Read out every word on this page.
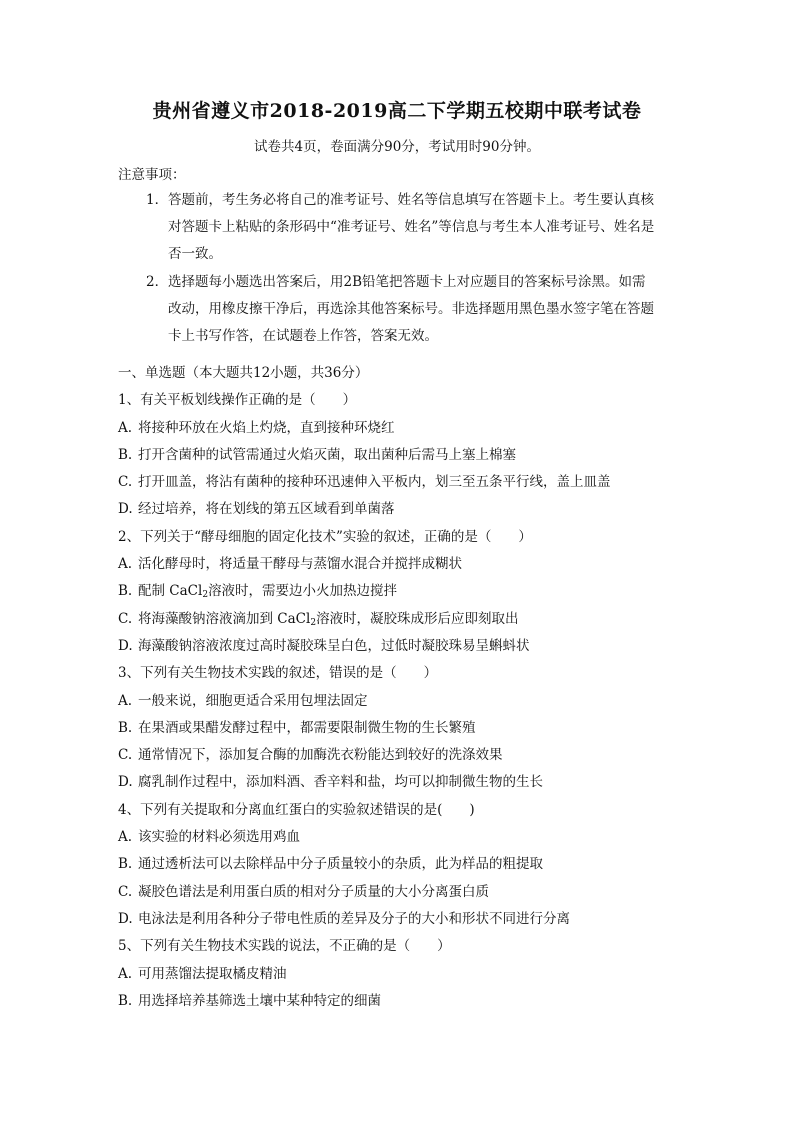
贵州省遵义市2018-2019高二下学期五校期中联考试卷
试卷共4页，卷面满分90分，考试用时90分钟。
注意事项：
1．答题前，考生务必将自己的准考证号、姓名等信息填写在答题卡上。考生要认真核
对答题卡上粘贴的条形码中“准考证号、姓名”等信息与考生本人准考证号、姓名是
否一致。
2．选择题每小题选出答案后，用2B铅笔把答题卡上对应题目的答案标号涂黑。如需
改动，用橡皮擦干净后，再选涂其他答案标号。非选择题用黑色墨水签字笔在答题
卡上书写作答，在试题卷上作答，答案无效。
一、单选题（本大题共12小题，共36分）
1、有关平板划线操作正确的是（　　）
A. 将接种环放在火焰上灼烧，直到接种环烧红
B. 打开含菌种的试管需通过火焰灭菌，取出菌种后需马上塞上棉塞
C. 打开皿盖，将沾有菌种的接种环迅速伸入平板内，划三至五条平行线，盖上皿盖
D. 经过培养，将在划线的第五区域看到单菌落
2、下列关于“酵母细胞的固定化技术”实验的叙述，正确的是（　　）
A. 活化酵母时，将适量干酵母与蒸馏水混合并搅拌成糊状
B. 配制 CaCl$_2$溶液时，需要边小火加热边搅拌
C. 将海藻酸钠溶液滴加到 CaCl$_2$溶液时，凝胶珠成形后应即刻取出
D. 海藻酸钠溶液浓度过高时凝胶珠呈白色，过低时凝胶珠易呈蝌蚪状
3、下列有关生物技术实践的叙述，错误的是（　　）
A. 一般来说，细胞更适合采用包埋法固定
B. 在果酒或果醋发酵过程中，都需要限制微生物的生长繁殖
C. 通常情况下，添加复合酶的加酶洗衣粉能达到较好的洗涤效果
D. 腐乳制作过程中，添加料酒、香辛料和盐，均可以抑制微生物的生长
4、下列有关提取和分离血红蛋白的实验叙述错误的是(　　)
A. 该实验的材料必须选用鸡血
B. 通过透析法可以去除样品中分子质量较小的杂质，此为样品的粗提取
C. 凝胶色谱法是利用蛋白质的相对分子质量的大小分离蛋白质
D. 电泳法是利用各种分子带电性质的差异及分子的大小和形状不同进行分离
5、下列有关生物技术实践的说法，不正确的是（　　）
A. 可用蒸馏法提取橘皮精油
B. 用选择培养基筛选土壤中某种特定的细菌
